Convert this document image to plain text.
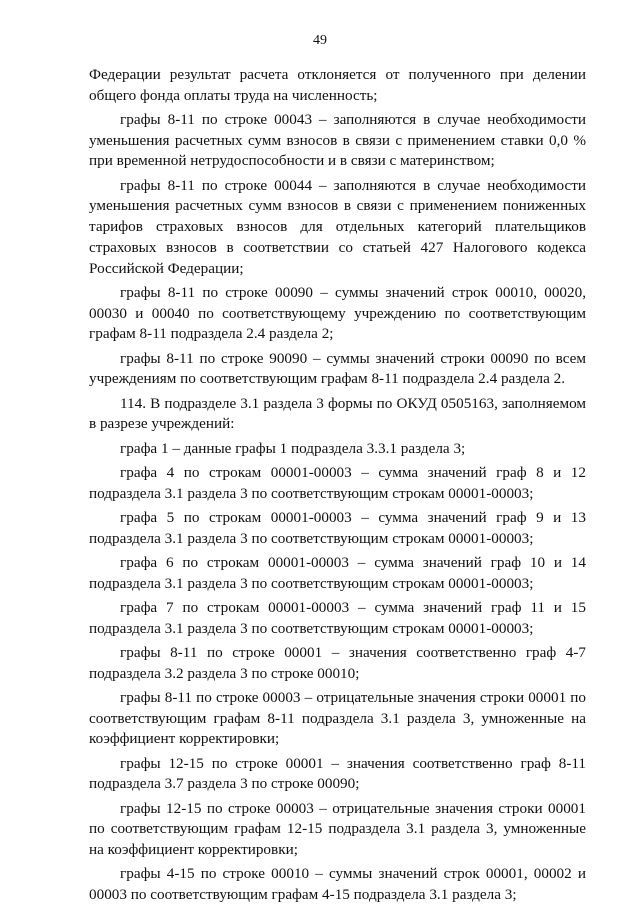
49

Федерации результат расчета отклоняется от полученного при делении общего фонда оплаты труда на численность;

графы 8-11 по строке 00043 – заполняются в случае необходимости уменьшения расчетных сумм взносов в связи с применением ставки 0,0 % при временной нетрудоспособности и в связи с материнством;

графы 8-11 по строке 00044 – заполняются в случае необходимости уменьшения расчетных сумм взносов в связи с применением пониженных тарифов страховых взносов для отдельных категорий плательщиков страховых взносов в соответствии со статьей 427 Налогового кодекса Российской Федерации;

графы 8-11 по строке 00090 – суммы значений строк 00010, 00020, 00030 и 00040 по соответствующему учреждению по соответствующим графам 8-11 подраздела 2.4 раздела 2;

графы 8-11 по строке 90090 – суммы значений строки 00090 по всем учреждениям по соответствующим графам 8-11 подраздела 2.4 раздела 2.

114. В подразделе 3.1 раздела 3 формы по ОКУД 0505163, заполняемом в разрезе учреждений:

графа 1 – данные графы 1 подраздела 3.3.1 раздела 3;

графа 4 по строкам 00001-00003 – сумма значений граф 8 и 12 подраздела 3.1 раздела 3 по соответствующим строкам 00001-00003;

графа 5 по строкам 00001-00003 – сумма значений граф 9 и 13 подраздела 3.1 раздела 3 по соответствующим строкам 00001-00003;

графа 6 по строкам 00001-00003 – сумма значений граф 10 и 14 подраздела 3.1 раздела 3 по соответствующим строкам 00001-00003;

графа 7 по строкам 00001-00003 – сумма значений граф 11 и 15 подраздела 3.1 раздела 3 по соответствующим строкам 00001-00003;

графы 8-11 по строке 00001 – значения соответственно граф 4-7 подраздела 3.2 раздела 3 по строке 00010;

графы 8-11 по строке 00003 – отрицательные значения строки 00001 по соответствующим графам 8-11 подраздела 3.1 раздела 3, умноженные на коэффициент корректировки;

графы 12-15 по строке 00001 – значения соответственно граф 8-11 подраздела 3.7 раздела 3 по строке 00090;

графы 12-15 по строке 00003 – отрицательные значения строки 00001 по соответствующим графам 12-15 подраздела 3.1 раздела 3, умноженные на коэффициент корректировки;

графы 4-15 по строке 00010 – суммы значений строк 00001, 00002 и 00003 по соответствующим графам 4-15 подраздела 3.1 раздела 3;
